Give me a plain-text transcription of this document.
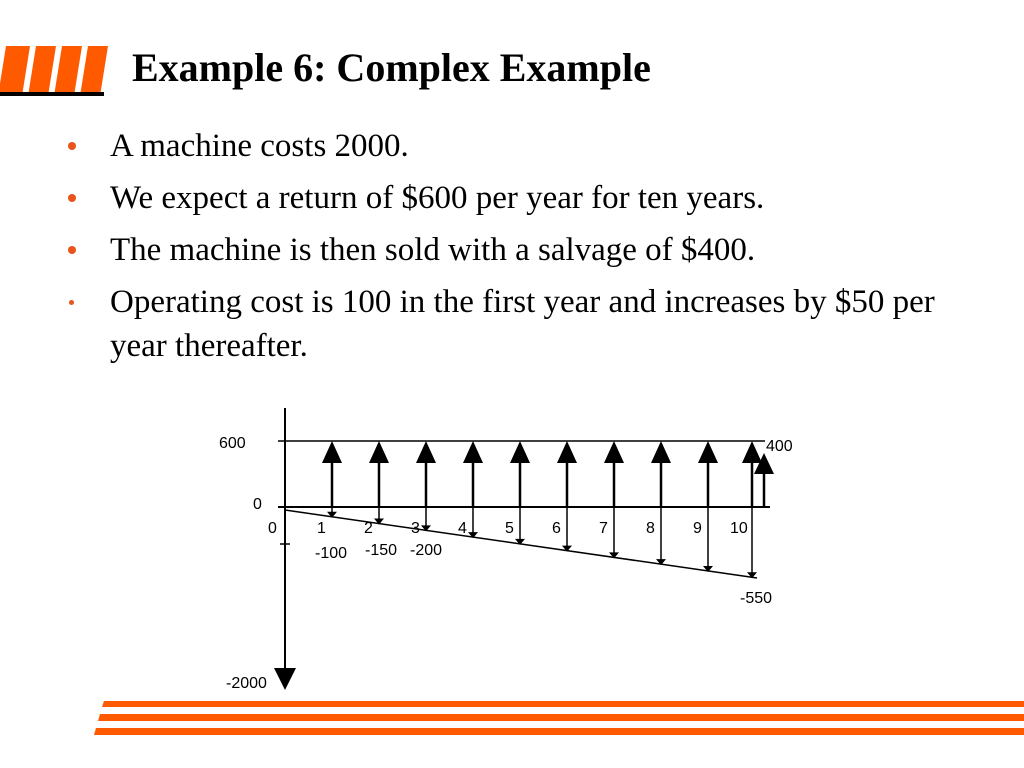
Example 6: Complex Example
A machine costs 2000.
We expect a return of $600 per year for ten years.
The machine is then sold with a salvage of $400.
Operating cost is 100 in the first year and increases by $50 per year thereafter.
600
0
400
-100 -150 -200
-550
-2000
0	1 2 3 4 5 6 7 8 9 10
